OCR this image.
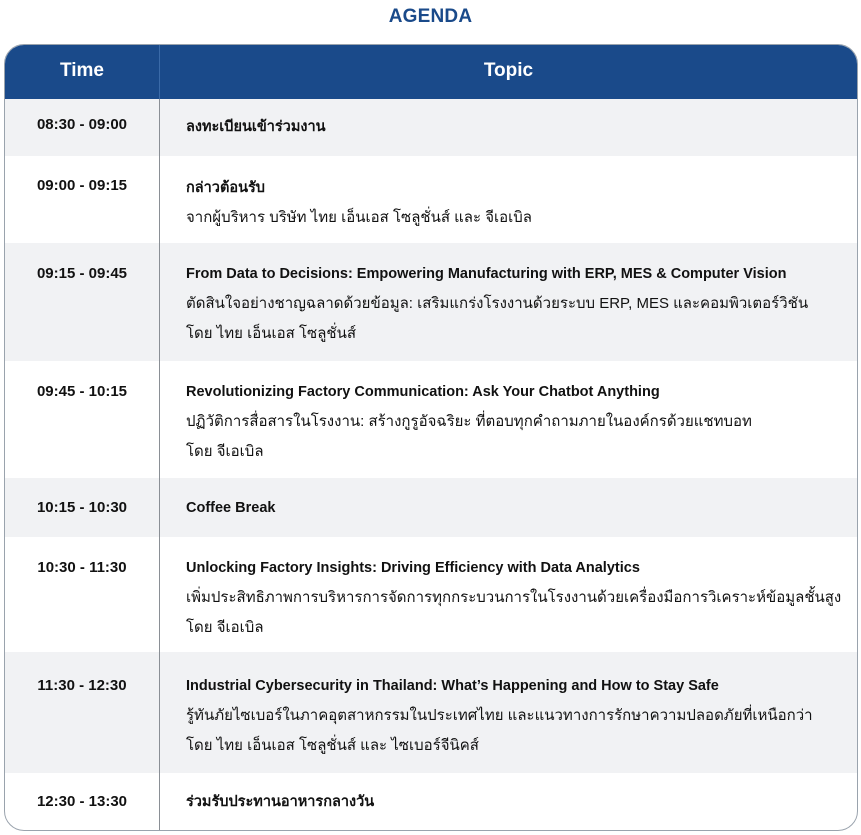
AGENDA
Time	Topic
08:30 - 09:00	ลงทะเบียนเข้าร่วมงาน
09:00 - 09:15	กล่าวต้อนรับ
จากผู้บริหาร บริษัท ไทย เอ็นเอส โซลูชั่นส์ และ จีเอเบิล
09:15 - 09:45	From Data to Decisions: Empowering Manufacturing with ERP, MES & Computer Vision
ตัดสินใจอย่างชาญฉลาดด้วยข้อมูล: เสริมแกร่งโรงงานด้วยระบบ ERP, MES และคอมพิวเตอร์วิชัน
โดย ไทย เอ็นเอส โซลูชั่นส์
09:45 - 10:15	Revolutionizing Factory Communication: Ask Your Chatbot Anything
ปฏิวัติการสื่อสารในโรงงาน: สร้างกูรูอัจฉริยะ ที่ตอบทุกคำถามภายในองค์กรด้วยแชทบอท
โดย จีเอเบิล
10:15 - 10:30	Coffee Break
10:30 - 11:30	Unlocking Factory Insights: Driving Efficiency with Data Analytics
เพิ่มประสิทธิภาพการบริหารการจัดการทุกกระบวนการในโรงงานด้วยเครื่องมือการวิเคราะห์ข้อมูลชั้นสูง
โดย จีเอเบิล
11:30 - 12:30	Industrial Cybersecurity in Thailand: What’s Happening and How to Stay Safe
รู้ทันภัยไซเบอร์ในภาคอุตสาหกรรมในประเทศไทย และแนวทางการรักษาความปลอดภัยที่เหนือกว่า
โดย ไทย เอ็นเอส โซลูชั่นส์ และ ไซเบอร์จีนิคส์
12:30 - 13:30	ร่วมรับประทานอาหารกลางวัน
